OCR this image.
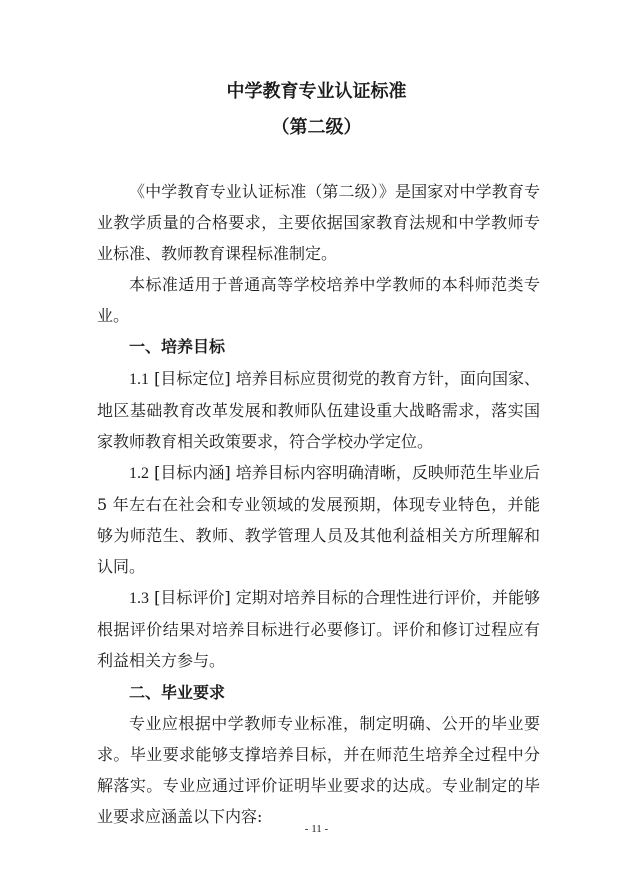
中学教育专业认证标准
（第二级）

《中学教育专业认证标准（第二级）》是国家对中学教育专业教学质量的合格要求，主要依据国家教育法规和中学教师专业标准、教师教育课程标准制定。

本标准适用于普通高等学校培养中学教师的本科师范类专业。

一、培养目标

1.1 [目标定位] 培养目标应贯彻党的教育方针，面向国家、地区基础教育改革发展和教师队伍建设重大战略需求，落实国家教师教育相关政策要求，符合学校办学定位。

1.2 [目标内涵] 培养目标内容明确清晰，反映师范生毕业后 5 年左右在社会和专业领域的发展预期，体现专业特色，并能够为师范生、教师、教学管理人员及其他利益相关方所理解和认同。

1.3 [目标评价] 定期对培养目标的合理性进行评价，并能够根据评价结果对培养目标进行必要修订。评价和修订过程应有利益相关方参与。

二、毕业要求

专业应根据中学教师专业标准，制定明确、公开的毕业要求。毕业要求能够支撑培养目标，并在师范生培养全过程中分解落实。专业应通过评价证明毕业要求的达成。专业制定的毕业要求应涵盖以下内容:

- 11 -
